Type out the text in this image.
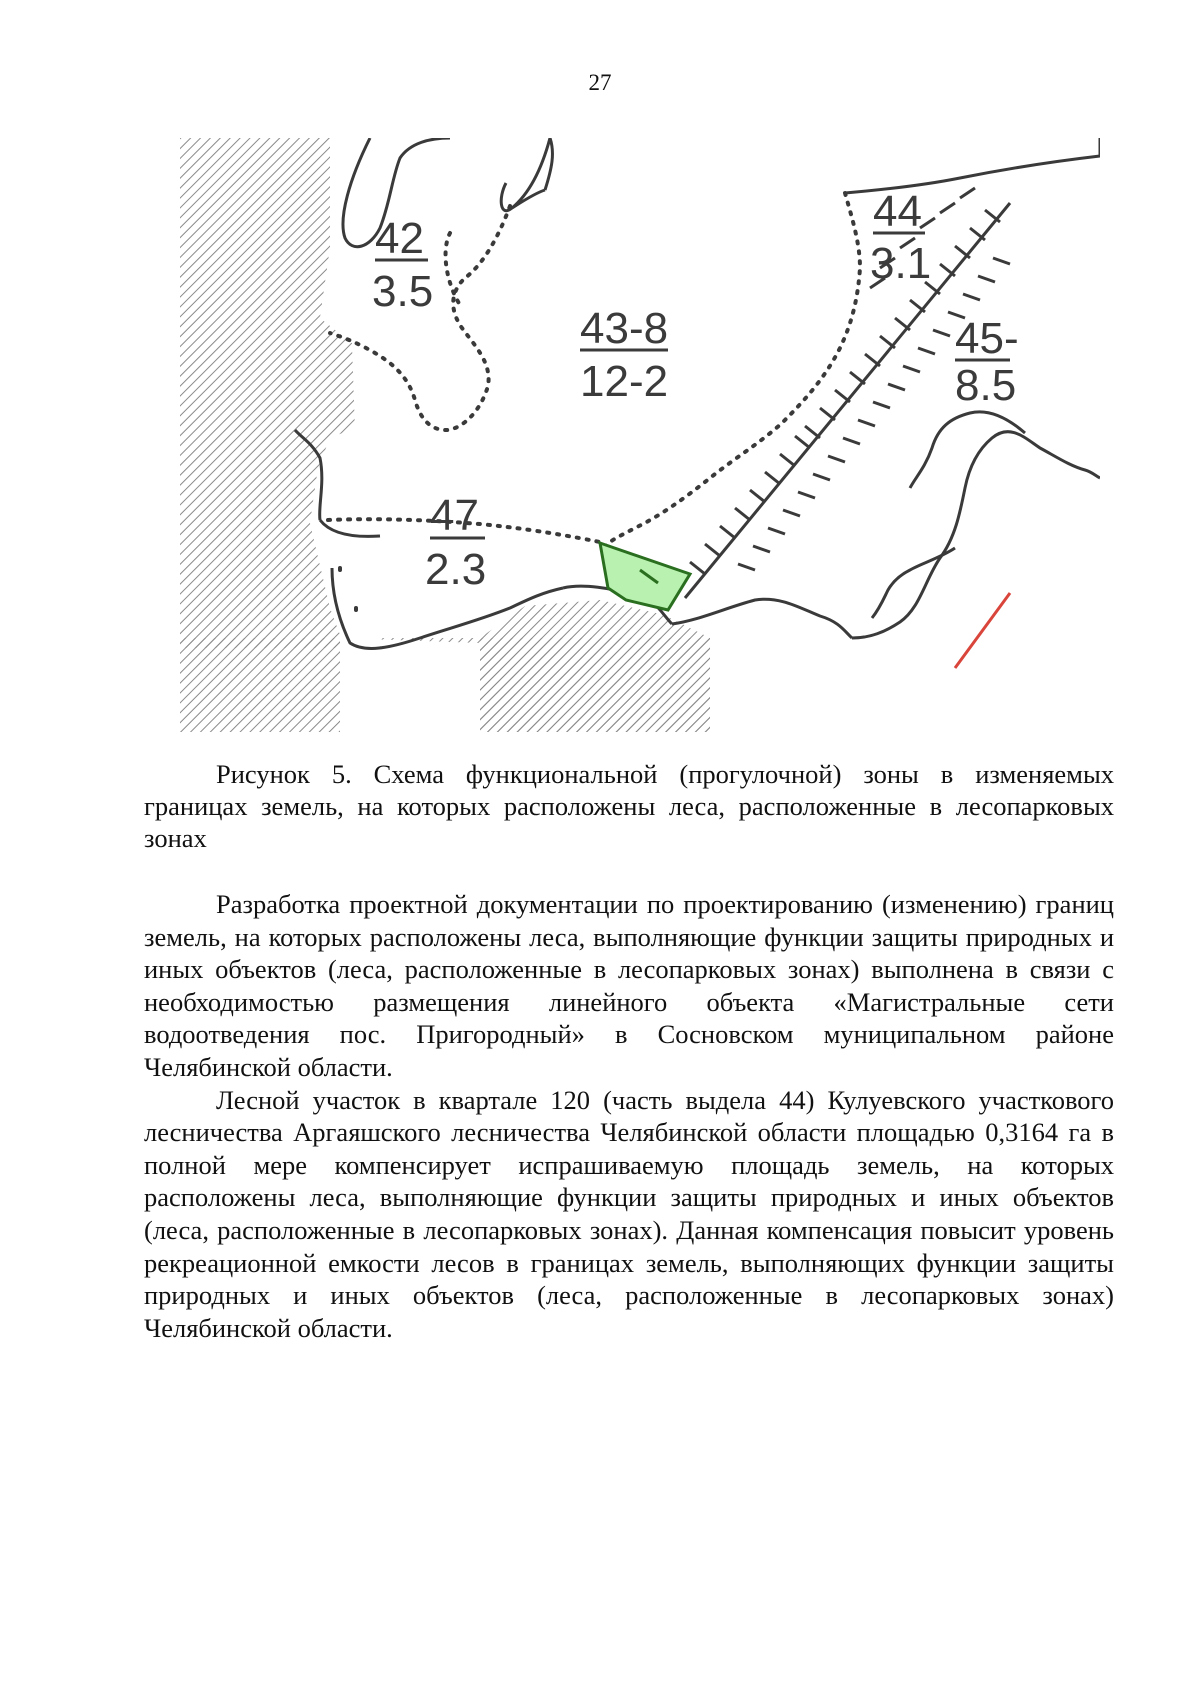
27
42
3.5
43-8
12-2
44
3.1
45-
8.5
47
2.3

Рисунок 5. Схема функциональной (прогулочной) зоны в изменяемых границах земель, на которых расположены леса, расположенные в лесопарковых зонах

Разработка проектной документации по проектированию (изменению) границ земель, на которых расположены леса, выполняющие функции защиты природных и иных объектов (леса, расположенные в лесопарковых зонах) выполнена в связи с необходимостью размещения линейного объекта «Магистральные сети водоотведения пос. Пригородный» в Сосновском муниципальном районе Челябинской области.

Лесной участок в квартале 120 (часть выдела 44) Кулуевского участкового лесничества Аргаяшского лесничества Челябинской области площадью 0,3164 га в полной мере компенсирует испрашиваемую площадь земель, на которых расположены леса, выполняющие функции защиты природных и иных объектов (леса, расположенные в лесопарковых зонах). Данная компенсация повысит уровень рекреационной емкости лесов в границах земель, выполняющих функции защиты природных и иных объектов (леса, расположенные в лесопарковых зонах) Челябинской области.
